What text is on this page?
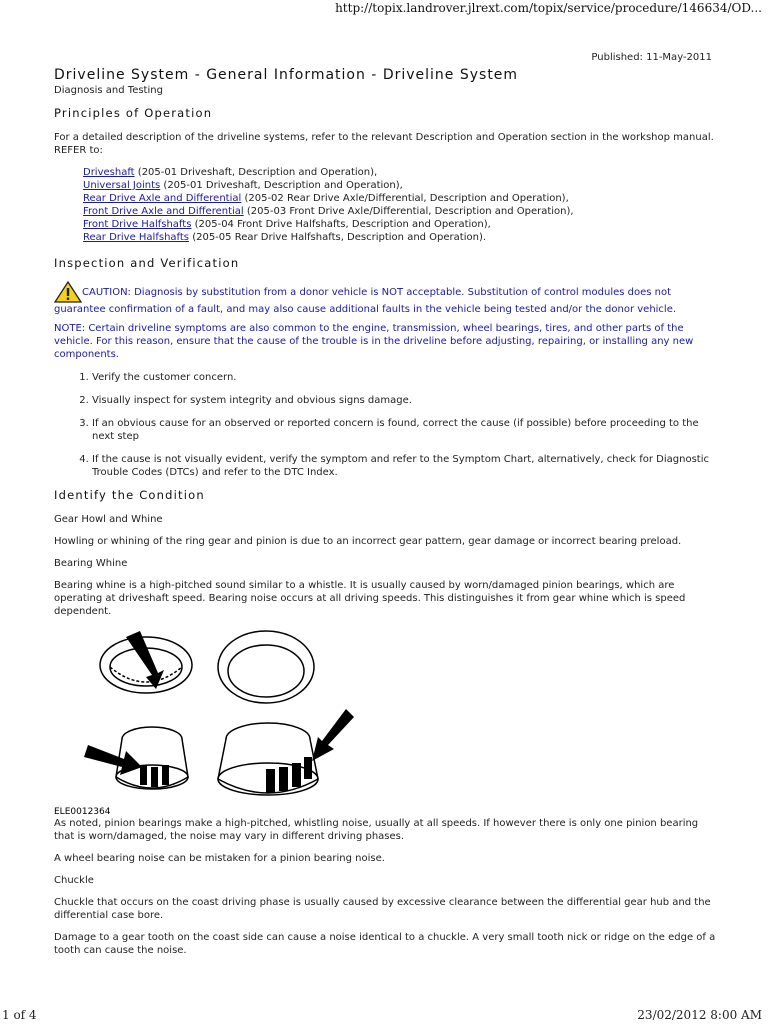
http://topix.landrover.jlrext.com/topix/service/procedure/146634/OD...
Published: 11-May-2011
Driveline System - General Information - Driveline System
Diagnosis and Testing
Principles of Operation

For a detailed description of the driveline systems, refer to the relevant Description and Operation section in the workshop manual. REFER to:

Driveshaft (205-01 Driveshaft, Description and Operation),
Universal Joints (205-01 Driveshaft, Description and Operation),
Rear Drive Axle and Differential (205-02 Rear Drive Axle/Differential, Description and Operation),
Front Drive Axle and Differential (205-03 Front Drive Axle/Differential, Description and Operation),
Front Drive Halfshafts (205-04 Front Drive Halfshafts, Description and Operation),
Rear Drive Halfshafts (205-05 Rear Drive Halfshafts, Description and Operation).
Inspection and Verification

CAUTION: Diagnosis by substitution from a donor vehicle is NOT acceptable. Substitution of control modules does not guarantee confirmation of a fault, and may also cause additional faults in the vehicle being tested and/or the donor vehicle.

NOTE: Certain driveline symptoms are also common to the engine, transmission, wheel bearings, tires, and other parts of the vehicle. For this reason, ensure that the cause of the trouble is in the driveline before adjusting, repairing, or installing any new components.

1. Verify the customer concern.
2. Visually inspect for system integrity and obvious signs damage.
3. If an obvious cause for an observed or reported concern is found, correct the cause (if possible) before proceeding to the next step
4. If the cause is not visually evident, verify the symptom and refer to the Symptom Chart, alternatively, check for Diagnostic Trouble Codes (DTCs) and refer to the DTC Index.
Identify the Condition

Gear Howl and Whine

Howling or whining of the ring gear and pinion is due to an incorrect gear pattern, gear damage or incorrect bearing preload.

Bearing Whine

Bearing whine is a high-pitched sound similar to a whistle. It is usually caused by worn/damaged pinion bearings, which are operating at driveshaft speed. Bearing noise occurs at all driving speeds. This distinguishes it from gear whine which is speed dependent.

ELE0012364

As noted, pinion bearings make a high-pitched, whistling noise, usually at all speeds. If however there is only one pinion bearing that is worn/damaged, the noise may vary in different driving phases.

A wheel bearing noise can be mistaken for a pinion bearing noise.

Chuckle

Chuckle that occurs on the coast driving phase is usually caused by excessive clearance between the differential gear hub and the differential case bore.

Damage to a gear tooth on the coast side can cause a noise identical to a chuckle. A very small tooth nick or ridge on the edge of a tooth can cause the noise.

1 of 4	23/02/2012 8:00 AM
